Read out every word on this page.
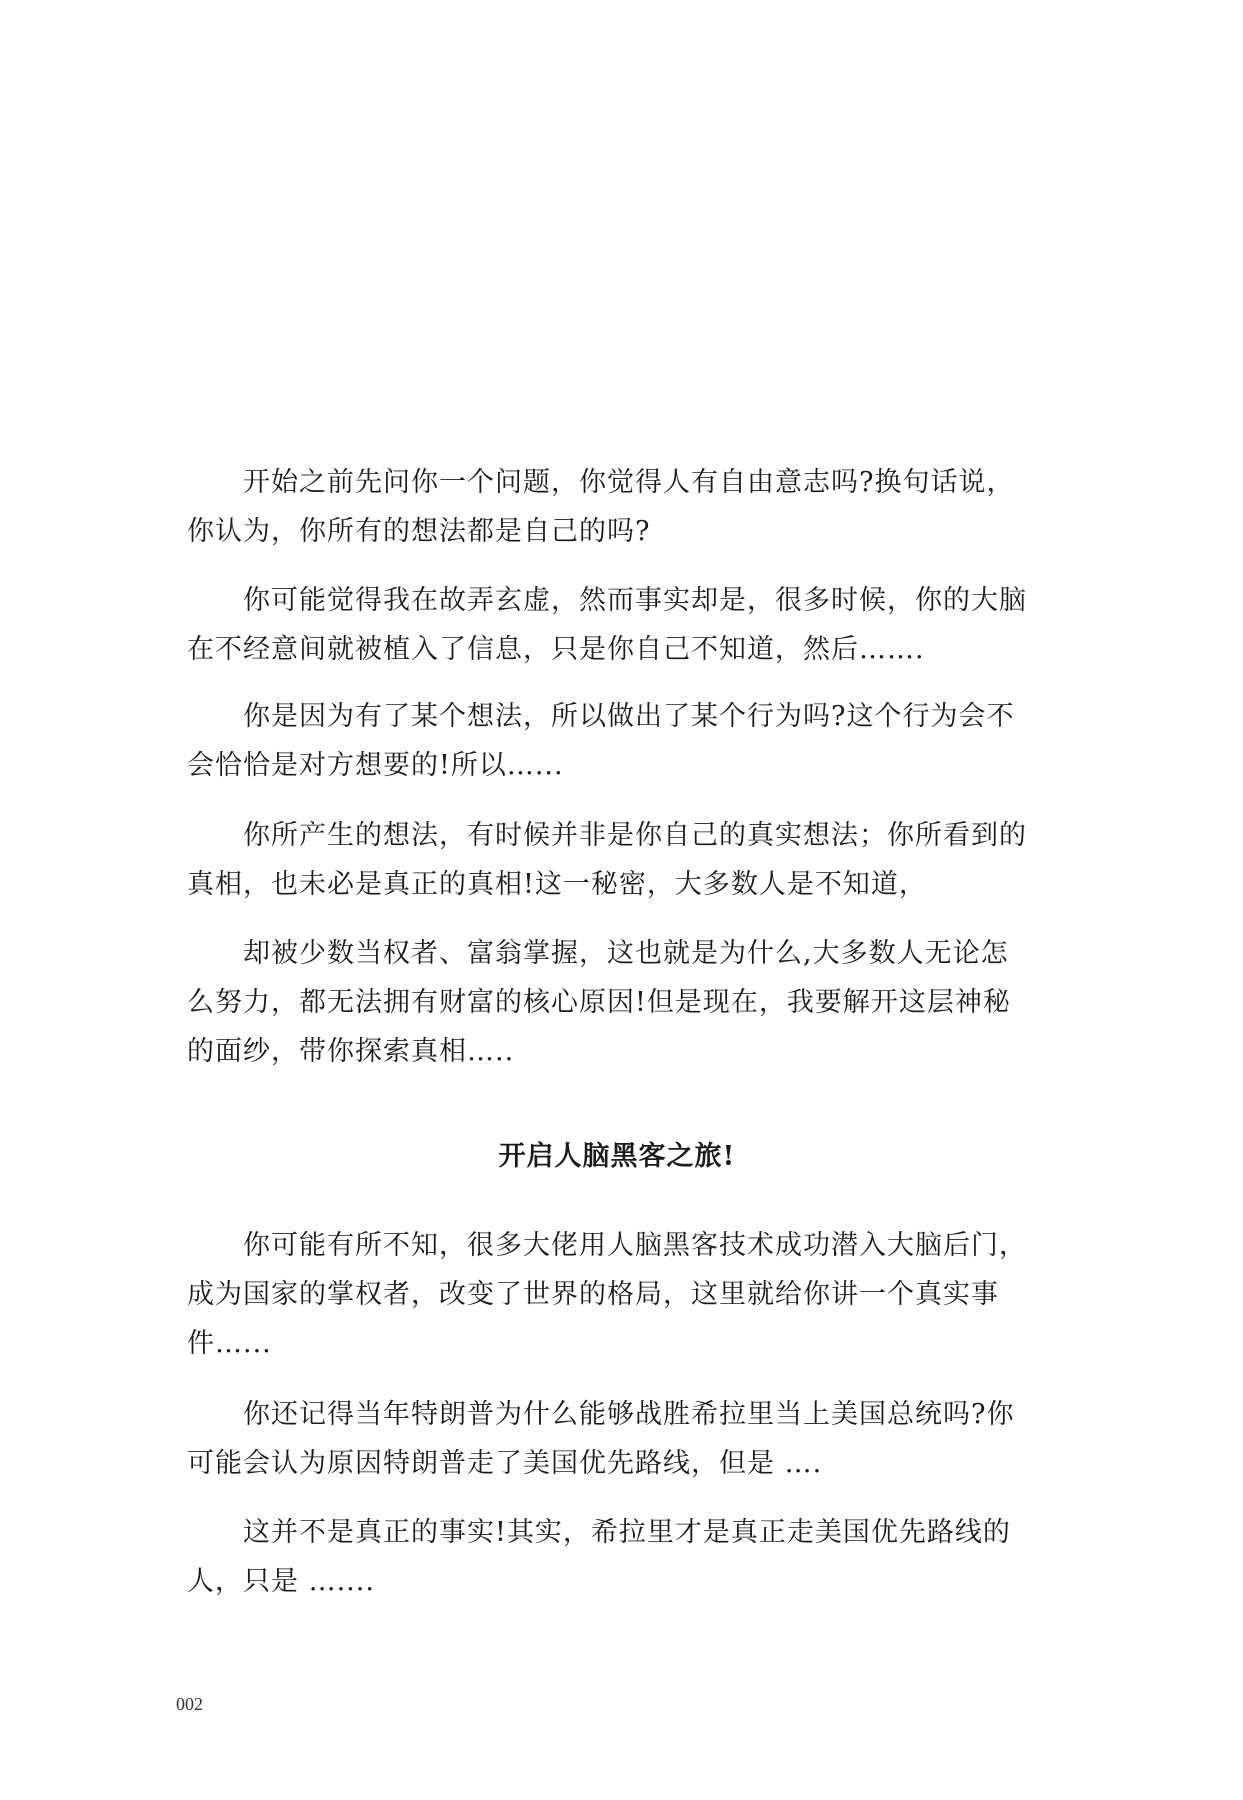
开始之前先问你一个问题，你觉得人有自由意志吗?换句话说，
你认为，你所有的想法都是自己的吗?

你可能觉得我在故弄玄虚，然而事实却是，很多时候，你的大脑
在不经意间就被植入了信息，只是你自己不知道，然后…….

你是因为有了某个想法，所以做出了某个行为吗?这个行为会不
会恰恰是对方想要的!所以…...

你所产生的想法，有时候并非是你自己的真实想法；你所看到的
真相，也未必是真正的真相!这一秘密，大多数人是不知道，

却被少数当权者、富翁掌握，这也就是为什么,大多数人无论怎
么努力，都无法拥有财富的核心原因!但是现在，我要解开这层神秘
的面纱，带你探索真相…..

开启人脑黑客之旅!

你可能有所不知，很多大佬用人脑黑客技术成功潜入大脑后门，
成为国家的掌权者，改变了世界的格局，这里就给你讲一个真实事
件…...

你还记得当年特朗普为什么能够战胜希拉里当上美国总统吗?你
可能会认为原因特朗普走了美国优先路线，但是 ….

这并不是真正的事实!其实，希拉里才是真正走美国优先路线的
人，只是 …....

002
